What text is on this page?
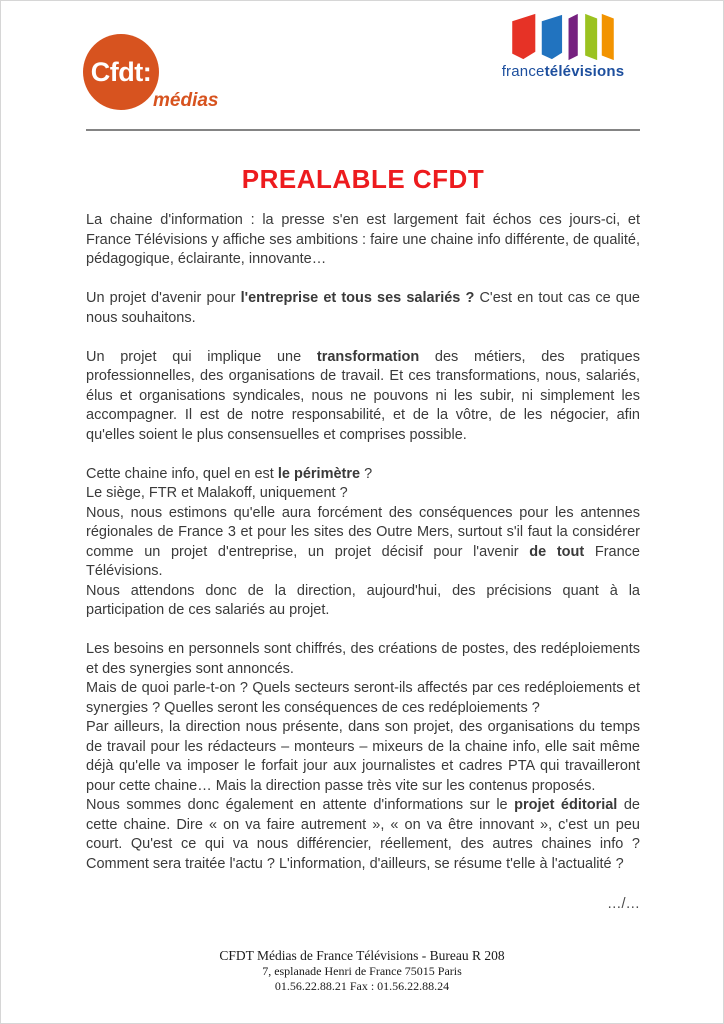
Cfdt:
médias
francetélévisions
PREALABLE CFDT

La chaine d'information : la presse s'en est largement fait échos ces jours-ci, et France Télévisions y affiche ses ambitions : faire une chaine info différente, de qualité, pédagogique, éclairante, innovante…

Un projet d'avenir pour l'entreprise et tous ses salariés ? C'est en tout cas ce que nous souhaitons.

Un projet qui implique une transformation des métiers, des pratiques professionnelles, des organisations de travail. Et ces transformations, nous, salariés, élus et organisations syndicales, nous ne pouvons ni les subir, ni simplement les accompagner. Il est de notre responsabilité, et de la vôtre, de les négocier, afin qu'elles soient le plus consensuelles et comprises possible.

Cette chaine info, quel en est le périmètre ?

Le siège, FTR et Malakoff, uniquement ?

Nous, nous estimons qu'elle aura forcément des conséquences pour les antennes régionales de France 3 et pour les sites des Outre Mers, surtout s'il faut la considérer comme un projet d'entreprise, un projet décisif pour l'avenir de tout France Télévisions.

Nous attendons donc de la direction, aujourd'hui, des précisions quant à la participation de ces salariés au projet.

Les besoins en personnels sont chiffrés, des créations de postes, des redéploiements et des synergies sont annoncés.

Mais de quoi parle-t-on ? Quels secteurs seront-ils affectés par ces redéploiements et synergies ? Quelles seront les conséquences de ces redéploiements ?

Par ailleurs, la direction nous présente, dans son projet, des organisations du temps de travail pour les rédacteurs – monteurs – mixeurs de la chaine info, elle sait même déjà qu'elle va imposer le forfait jour aux journalistes et cadres PTA qui travailleront pour cette chaine… Mais la direction passe très vite sur les contenus proposés.

Nous sommes donc également en attente d'informations sur le projet éditorial de cette chaine. Dire « on va faire autrement », « on va être innovant », c'est un peu court. Qu'est ce qui va nous différencier, réellement, des autres chaines info ? Comment sera traitée l'actu ? L'information, d'ailleurs, se résume t'elle à l'actualité ?

…/…
CFDT Médias de France Télévisions - Bureau R 208
7, esplanade Henri de France 75015 Paris
01.56.22.88.21 Fax : 01.56.22.88.24
